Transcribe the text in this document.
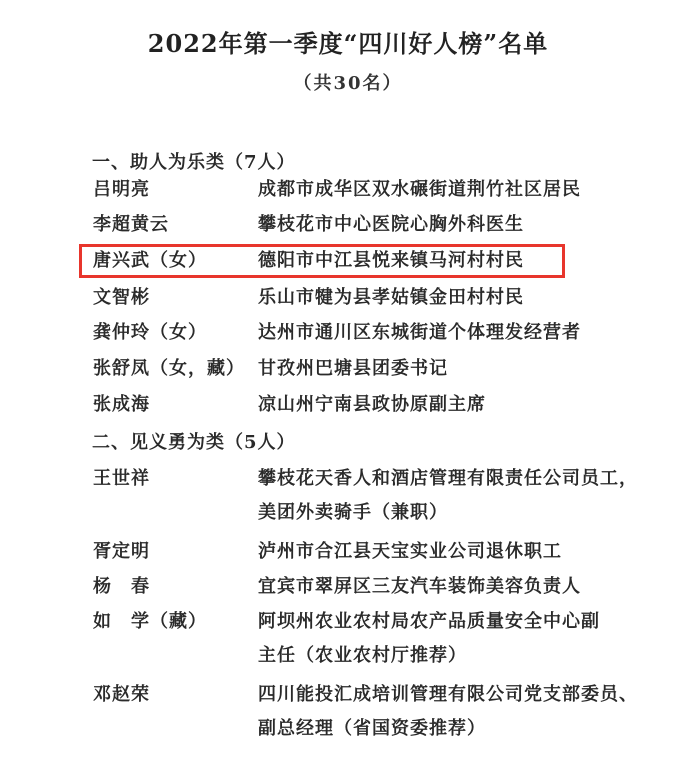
2022年第一季度“四川好人榜”名单
（共30名）
一、助人为乐类（7人）
吕明亮	成都市成华区双水碾街道荆竹社区居民
李超黄云	攀枝花市中心医院心胸外科医生
唐兴武（女）	德阳市中江县悦来镇马河村村民
文智彬	乐山市犍为县孝姑镇金田村村民
龚仲玲（女）	达州市通川区东城街道个体理发经营者
张舒凤（女，藏） 甘孜州巴塘县团委书记
张成海	凉山州宁南县政协原副主席
二、见义勇为类（5人）
王世祥	攀枝花天香人和酒店管理有限责任公司员工，
美团外卖骑手（兼职）
胥定明	泸州市合江县天宝实业公司退休职工
杨　春	宜宾市翠屏区三友汽车装饰美容负责人
如　学（藏）	阿坝州农业农村局农产品质量安全中心副
主任（农业农村厅推荐）
邓赵荣	四川能投汇成培训管理有限公司党支部委员、
副总经理（省国资委推荐）
